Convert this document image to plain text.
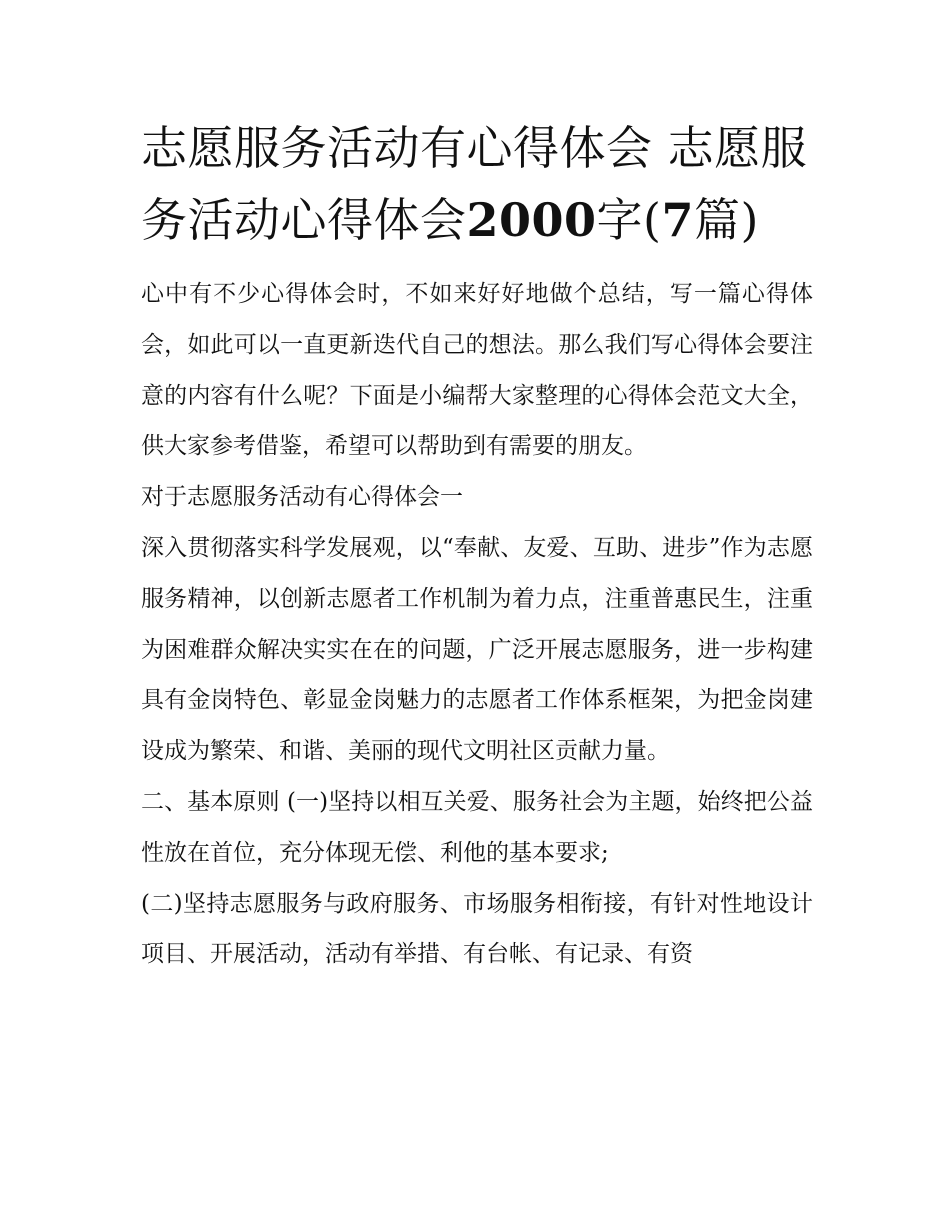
志愿服务活动有心得体会 志愿服务活动心得体会2000字(7篇)

心中有不少心得体会时，不如来好好地做个总结，写一篇心得体会，如此可以一直更新迭代自己的想法。那么我们写心得体会要注意的内容有什么呢？下面是小编帮大家整理的心得体会范文大全，供大家参考借鉴，希望可以帮助到有需要的朋友。

对于志愿服务活动有心得体会一

深入贯彻落实科学发展观，以“奉献、友爱、互助、进步”作为志愿服务精神，以创新志愿者工作机制为着力点，注重普惠民生，注重为困难群众解决实实在在的问题，广泛开展志愿服务，进一步构建具有金岗特色、彰显金岗魅力的志愿者工作体系框架，为把金岗建设成为繁荣、和谐、美丽的现代文明社区贡献力量。

二、基本原则 (一)坚持以相互关爱、服务社会为主题，始终把公益性放在首位，充分体现无偿、利他的基本要求;

(二)坚持志愿服务与政府服务、市场服务相衔接，有针对性地设计项目、开展活动，活动有举措、有台帐、有记录、有资
